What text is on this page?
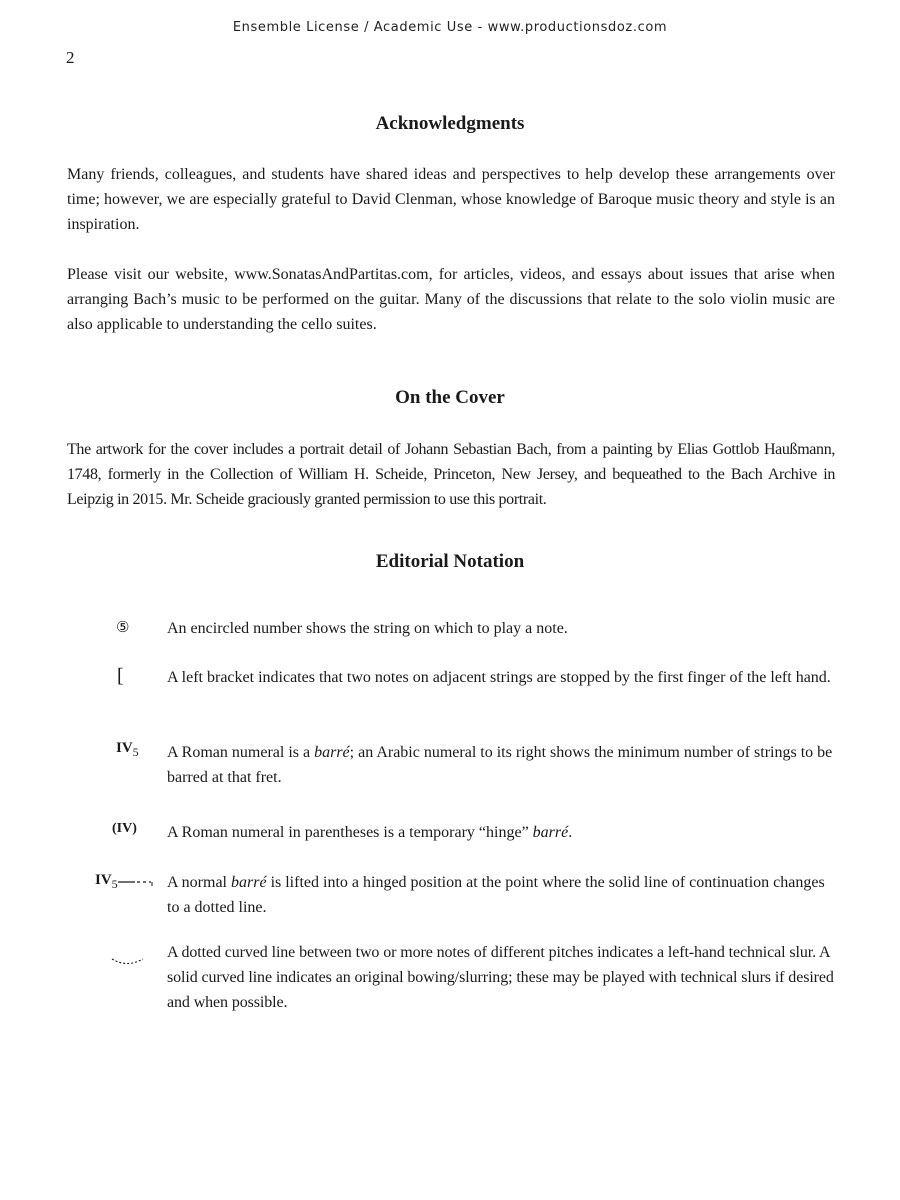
Ensemble License / Academic Use - www.productionsdoz.com
2
Acknowledgments
Many friends, colleagues, and students have shared ideas and perspectives to help develop these arrangements over time; however, we are especially grateful to David Clenman, whose knowledge of Baroque music theory and style is an inspiration.
Please visit our website, www.SonatasAndPartitas.com, for articles, videos, and essays about issues that arise when arranging Bach’s music to be performed on the guitar. Many of the discussions that relate to the solo violin music are also applicable to understanding the cello suites.
On the Cover
The artwork for the cover includes a portrait detail of Johann Sebastian Bach, from a painting by Elias Gottlob Haußmann, 1748, formerly in the Collection of William H. Scheide, Princeton, New Jersey, and bequeathed to the Bach Archive in Leipzig in 2015. Mr. Scheide graciously granted permission to use this portrait.
Editorial Notation
⑤ An encircled number shows the string on which to play a note.
[	A left bracket indicates that two notes on adjacent strings are stopped by the first finger of the left hand.
$IV_5$ A Roman numeral is a barré; an Arabic numeral to its right shows the minimum number of strings to be barred at that fret.
(IV) A Roman numeral in parentheses is a temporary “hinge” barré.
$IV_5$	A normal barré is lifted into a hinged position at the point where the solid line of continuation changes to a dotted line.
A dotted curved line between two or more notes of different pitches indicates a left-hand technical slur. A solid curved line indicates an original bowing/slurring; these may be played with technical slurs if desired and when possible.
